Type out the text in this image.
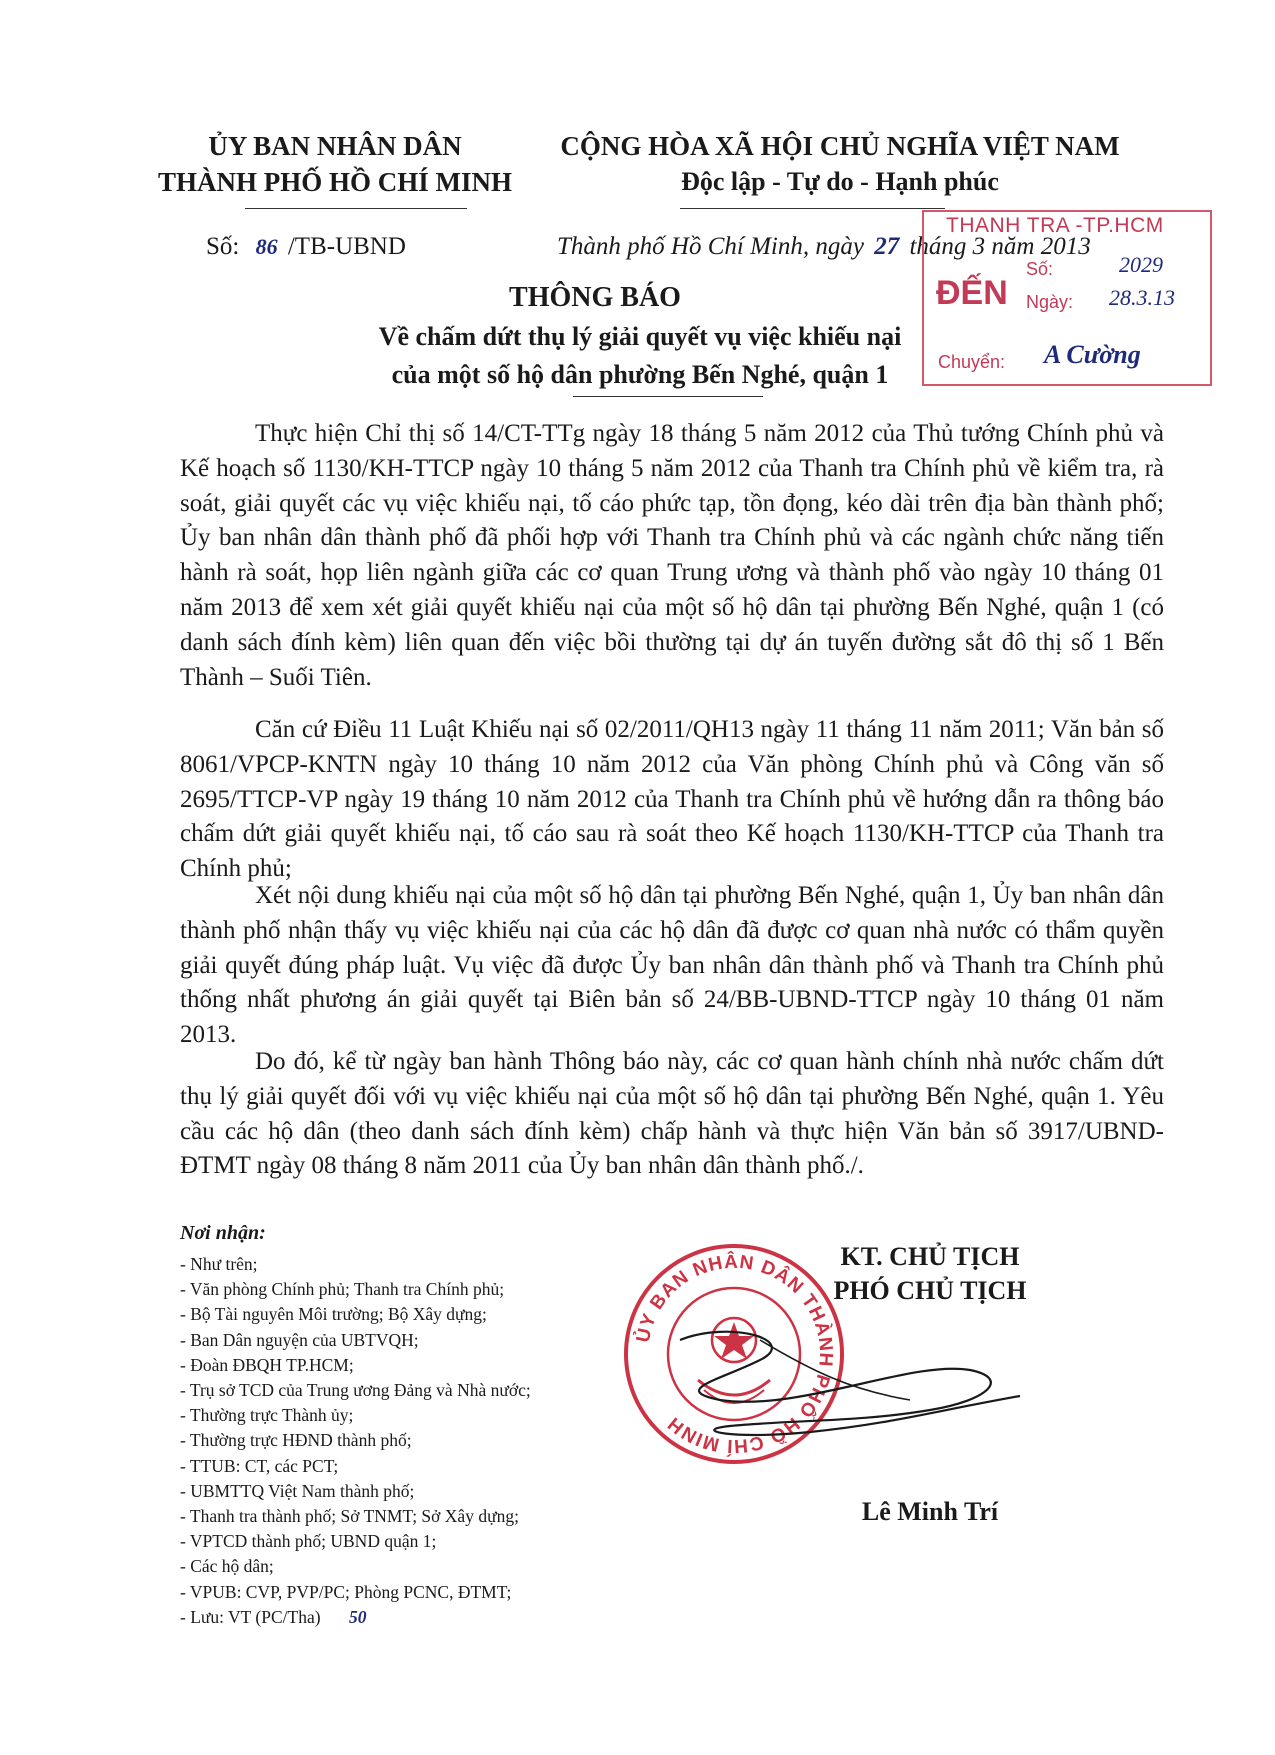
ỦY BAN NHÂN DÂN
THÀNH PHỐ HỒ CHÍ MINH
CỘNG HÒA XÃ HỘI CHỦ NGHĨA VIỆT NAM
Độc lập - Tự do - Hạnh phúc
Số: 86 /TB-UBND	Thành phố Hồ Chí Minh, ngày 27 tháng 3 năm 2013
THÔNG BÁO
Về chấm dứt thụ lý giải quyết vụ việc khiếu nại
của một số hộ dân phường Bến Nghé, quận 1
THANH TRA -TP.HCM
ĐẾN
Số:	2029
Ngày: 28.3.13
Chuyển: A Cường

Thực hiện Chỉ thị số 14/CT-TTg ngày 18 tháng 5 năm 2012 của Thủ tướng Chính phủ và Kế hoạch số 1130/KH-TTCP ngày 10 tháng 5 năm 2012 của Thanh tra Chính phủ về kiểm tra, rà soát, giải quyết các vụ việc khiếu nại, tố cáo phức tạp, tồn đọng, kéo dài trên địa bàn thành phố; Ủy ban nhân dân thành phố đã phối hợp với Thanh tra Chính phủ và các ngành chức năng tiến hành rà soát, họp liên ngành giữa các cơ quan Trung ương và thành phố vào ngày 10 tháng 01 năm 2013 để xem xét giải quyết khiếu nại của một số hộ dân tại phường Bến Nghé, quận 1 (có danh sách đính kèm) liên quan đến việc bồi thường tại dự án tuyến đường sắt đô thị số 1 Bến Thành – Suối Tiên.

Căn cứ Điều 11 Luật Khiếu nại số 02/2011/QH13 ngày 11 tháng 11 năm 2011; Văn bản số 8061/VPCP-KNTN ngày 10 tháng 10 năm 2012 của Văn phòng Chính phủ và Công văn số 2695/TTCP-VP ngày 19 tháng 10 năm 2012 của Thanh tra Chính phủ về hướng dẫn ra thông báo chấm dứt giải quyết khiếu nại, tố cáo sau rà soát theo Kế hoạch 1130/KH-TTCP của Thanh tra Chính phủ;

Xét nội dung khiếu nại của một số hộ dân tại phường Bến Nghé, quận 1, Ủy ban nhân dân thành phố nhận thấy vụ việc khiếu nại của các hộ dân đã được cơ quan nhà nước có thẩm quyền giải quyết đúng pháp luật. Vụ việc đã được Ủy ban nhân dân thành phố và Thanh tra Chính phủ thống nhất phương án giải quyết tại Biên bản số 24/BB-UBND-TTCP ngày 10 tháng 01 năm 2013.

Do đó, kể từ ngày ban hành Thông báo này, các cơ quan hành chính nhà nước chấm dứt thụ lý giải quyết đối với vụ việc khiếu nại của một số hộ dân tại phường Bến Nghé, quận 1. Yêu cầu các hộ dân (theo danh sách đính kèm) chấp hành và thực hiện Văn bản số 3917/UBND-ĐTMT ngày 08 tháng 8 năm 2011 của Ủy ban nhân dân thành phố./.

Nơi nhận:
- Như trên;
- Văn phòng Chính phủ; Thanh tra Chính phủ;
- Bộ Tài nguyên Môi trường; Bộ Xây dựng;
- Ban Dân nguyện của UBTVQH;
- Đoàn ĐBQH TP.HCM;
- Trụ sở TCD của Trung ương Đảng và Nhà nước;
- Thường trực Thành ủy;
- Thường trực HĐND thành phố;
- TTUB: CT, các PCT;
- UBMTTQ Việt Nam thành phố;
- Thanh tra thành phố; Sở TNMT; Sở Xây dựng;
- VPTCD thành phố; UBND quận 1;
- Các hộ dân;
- VPUB: CVP, PVP/PC; Phòng PCNC, ĐTMT;
- Lưu: VT (PC/Tha) 50
ỦY BAN NHÂN DÂN THÀNH PHỐ HỒ CHÍ MINH
KT. CHỦ TỊCH
PHÓ CHỦ TỊCH
Lê Minh Trí
